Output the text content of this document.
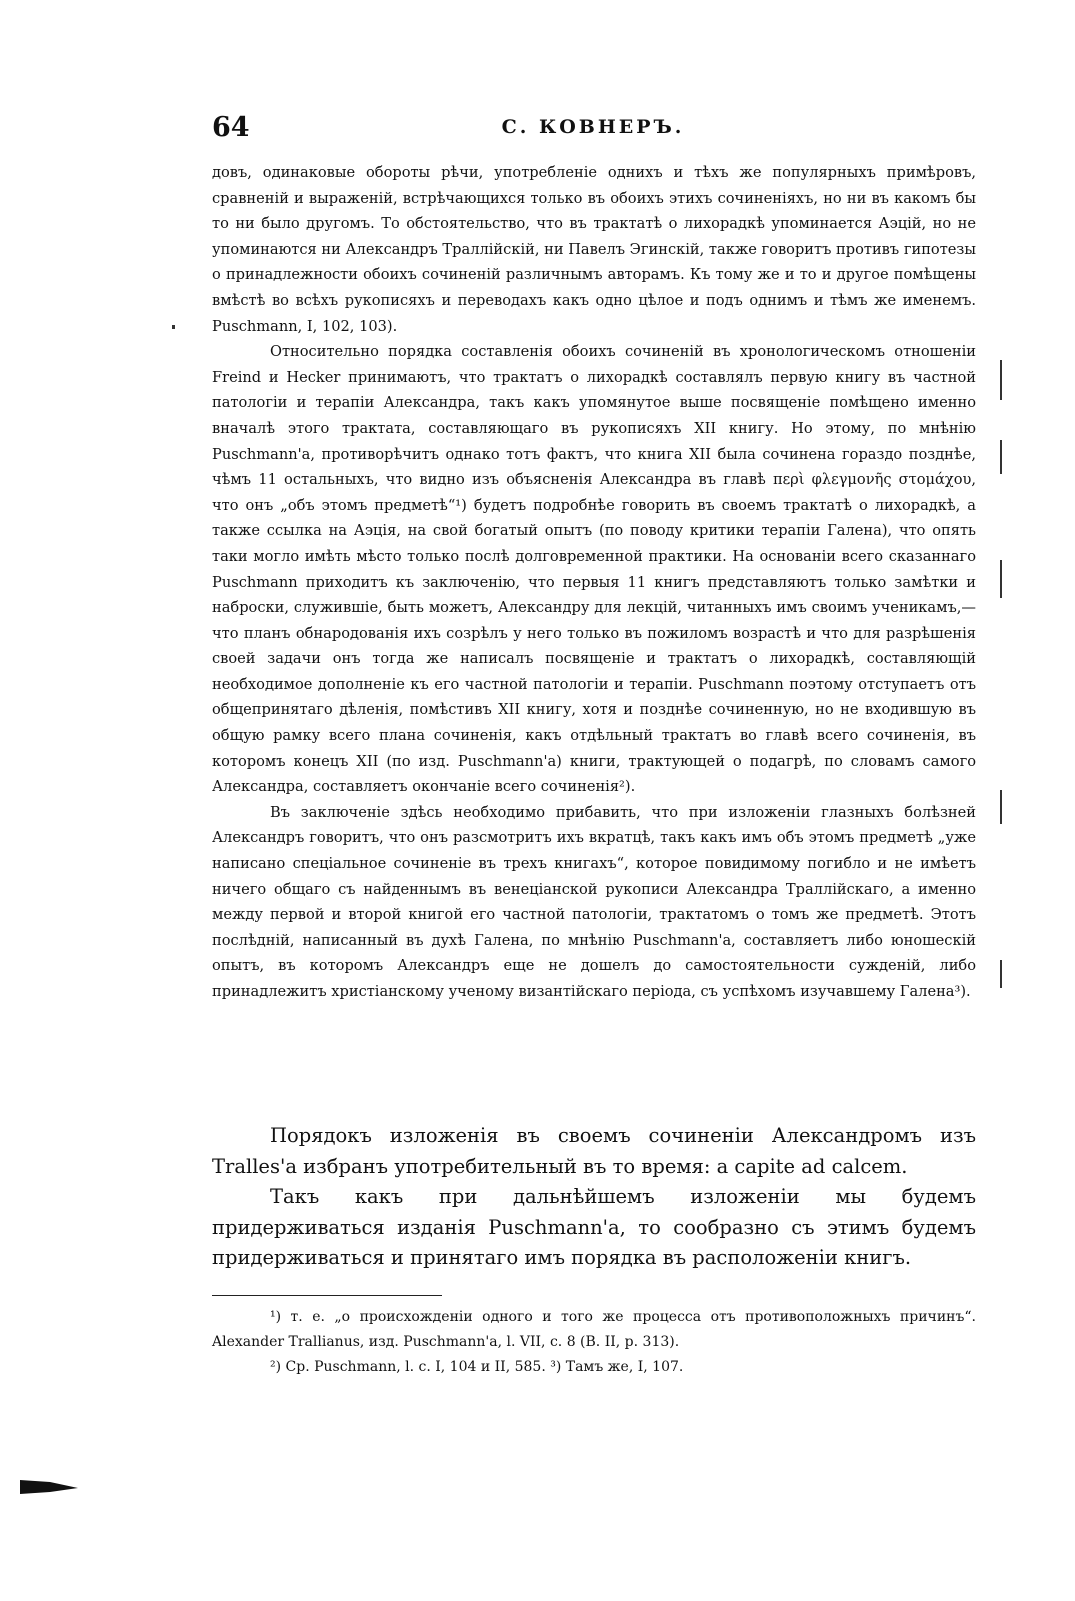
64	С. КОВНЕРЪ.

довъ, одинаковые обороты рѣчи, употребленіе однихъ и тѣхъ же популярныхъ примѣровъ, сравненій и выраженій, встрѣчающихся только въ обоихъ этихъ сочиненіяхъ, но ни въ какомъ бы то ни было другомъ. То обстоятельство, что въ трактатѣ о лихорадкѣ упоминается Аэцій, но не упоминаются ни Александръ Траллійскій, ни Павелъ Эгинскій, также говоритъ противъ гипотезы о принадлежности обоихъ сочиненій различнымъ авторамъ. Къ тому же и то и другое помѣщены вмѣстѣ во всѣхъ рукописяхъ и переводахъ какъ одно цѣлое и подъ однимъ и тѣмъ же именемъ. Puschmann, I, 102, 103).

Относительно порядка составленія обоихъ сочиненій въ хронологическомъ отношеніи Freind и Hecker принимаютъ, что трактатъ о лихорадкѣ составлялъ первую книгу въ частной патологіи и терапіи Александра, такъ какъ упомянутое выше посвященіе помѣщено именно вначалѣ этого трактата, составляющаго въ рукописяхъ XII книгу. Но этому, по мнѣнію Puschmann'a, противорѣчитъ однако тотъ фактъ, что книга XII была сочинена гораздо позднѣе, чѣмъ 11 остальныхъ, что видно изъ объясненія Александра въ главѣ περὶ φλεγμονῆς στομάχου, что онъ „объ этомъ предметѣ“¹) будетъ подробнѣе говорить въ своемъ трактатѣ о лихорадкѣ, а также ссылка на Аэція, на свой богатый опытъ (по поводу критики терапіи Галена), что опять таки могло имѣть мѣсто только послѣ долговременной практики. На основаніи всего сказаннаго Puschmann приходитъ къ заключенію, что первыя 11 книгъ представляютъ только замѣтки и наброски, служившіе, быть можетъ, Александру для лекцій, читанныхъ имъ своимъ ученикамъ,—что планъ обнародованія ихъ созрѣлъ у него только въ пожиломъ возрастѣ и что для разрѣшенія своей задачи онъ тогда же написалъ посвященіе и трактатъ о лихорадкѣ, составляющій необходимое дополненіе къ его частной патологіи и терапіи. Puschmann поэтому отступаетъ отъ общепринятаго дѣленія, помѣстивъ XII книгу, хотя и позднѣе сочиненную, но не входившую въ общую рамку всего плана сочиненія, какъ отдѣльный трактатъ во главѣ всего сочиненія, въ которомъ конецъ XII (по изд. Puschmann'a) книги, трактующей о подагрѣ, по словамъ самого Александра, составляетъ окончаніе всего сочиненія²).

Въ заключеніе здѣсь необходимо прибавить, что при изложеніи глазныхъ болѣзней Александръ говоритъ, что онъ разсмотритъ ихъ вкратцѣ, такъ какъ имъ объ этомъ предметѣ „уже написано спеціальное сочиненіе въ трехъ книгахъ“, которое повидимому погибло и не имѣетъ ничего общаго съ найденнымъ въ венеціанской рукописи Александра Траллійскаго, а именно между первой и второй книгой его частной патологіи, трактатомъ о томъ же предметѣ. Этотъ послѣдній, написанный въ духѣ Галена, по мнѣнію Puschmann'a, составляетъ либо юношескій опытъ, въ которомъ Александръ еще не дошелъ до самостоятельности сужденій, либо принадлежитъ христіанскому ученому византійскаго періода, съ успѣхомъ изучавшему Галена³).

Порядокъ изложенія въ своемъ сочиненіи Александромъ изъ Tralles'a избранъ употребительный въ то время: a capite ad calcem.

Такъ какъ при дальнѣйшемъ изложеніи мы будемъ придерживаться изданія Puschmann'a, то сообразно съ этимъ будемъ придерживаться и принятаго имъ порядка въ расположеніи книгъ.

¹) т. е. „о происхожденіи одного и того же процесса отъ противоположныхъ причинъ“. Alexander Trallianus, изд. Puschmann'a, l. VII, c. 8 (B. II, p. 313).

²) Ср. Puschmann, l. c. I, 104 и II, 585. ³) Тамъ же, I, 107.
